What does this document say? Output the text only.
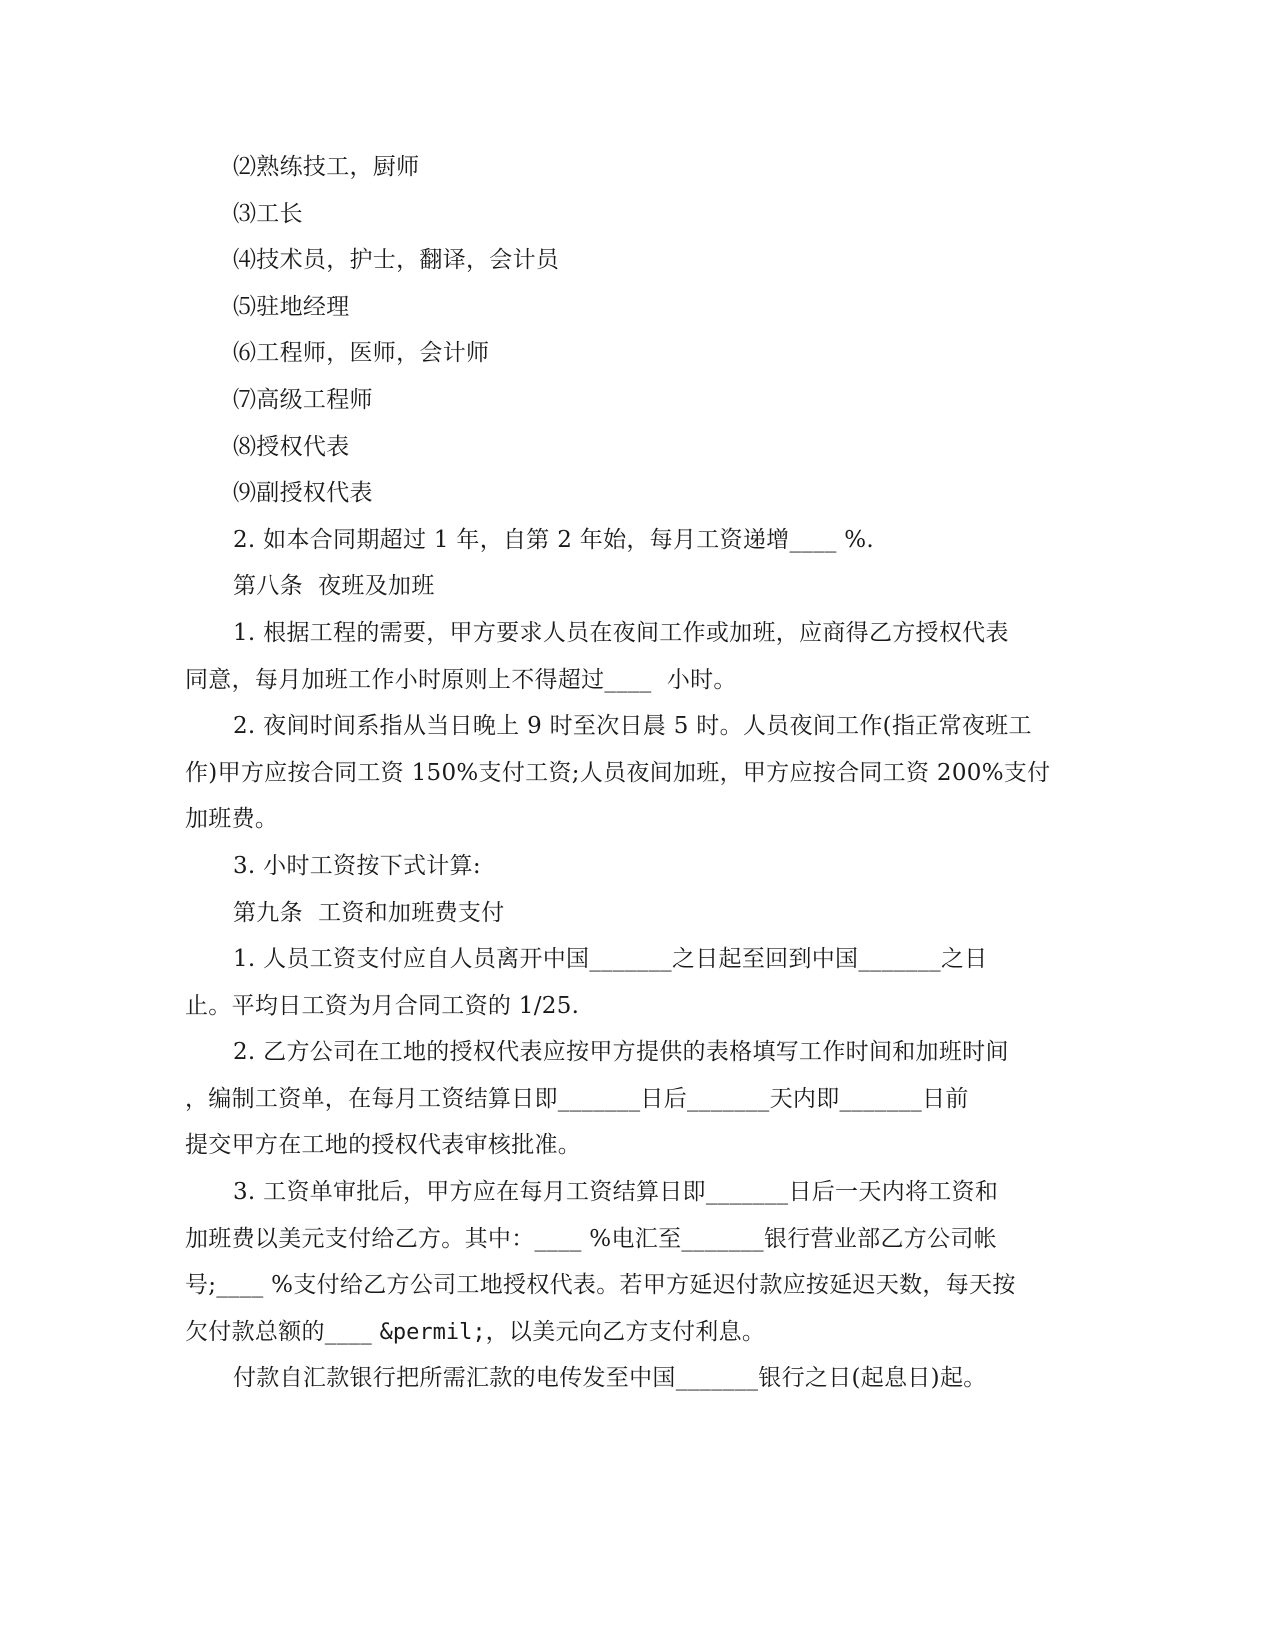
⑵熟练技工，厨师
⑶工长
⑷技术员，护士，翻译，会计员
⑸驻地经理
⑹工程师，医师，会计师
⑺高级工程师
⑻授权代表
⑼副授权代表
2. 如本合同期超过 1 年，自第 2 年始，每月工资递增____ %.
第八条  夜班及加班
1. 根据工程的需要，甲方要求人员在夜间工作或加班，应商得乙方授权代表
同意，每月加班工作小时原则上不得超过____  小时。
2. 夜间时间系指从当日晚上 9 时至次日晨 5 时。人员夜间工作(指正常夜班工
作)甲方应按合同工资 150%支付工资;人员夜间加班，甲方应按合同工资 200%支付
加班费。
3. 小时工资按下式计算:
第九条  工资和加班费支付
1. 人员工资支付应自人员离开中国_______之日起至回到中国_______之日
止。平均日工资为月合同工资的 1/25.
2. 乙方公司在工地的授权代表应按甲方提供的表格填写工作时间和加班时间
，编制工资单，在每月工资结算日即_______日后_______天内即_______日前
提交甲方在工地的授权代表审核批准。
3. 工资单审批后，甲方应在每月工资结算日即_______日后一天内将工资和
加班费以美元支付给乙方。其中：____ %电汇至_______银行营业部乙方公司帐
号;____ %支付给乙方公司工地授权代表。若甲方延迟付款应按延迟天数，每天按
欠付款总额的____ &permil;，以美元向乙方支付利息。
付款自汇款银行把所需汇款的电传发至中国_______银行之日(起息日)起。
